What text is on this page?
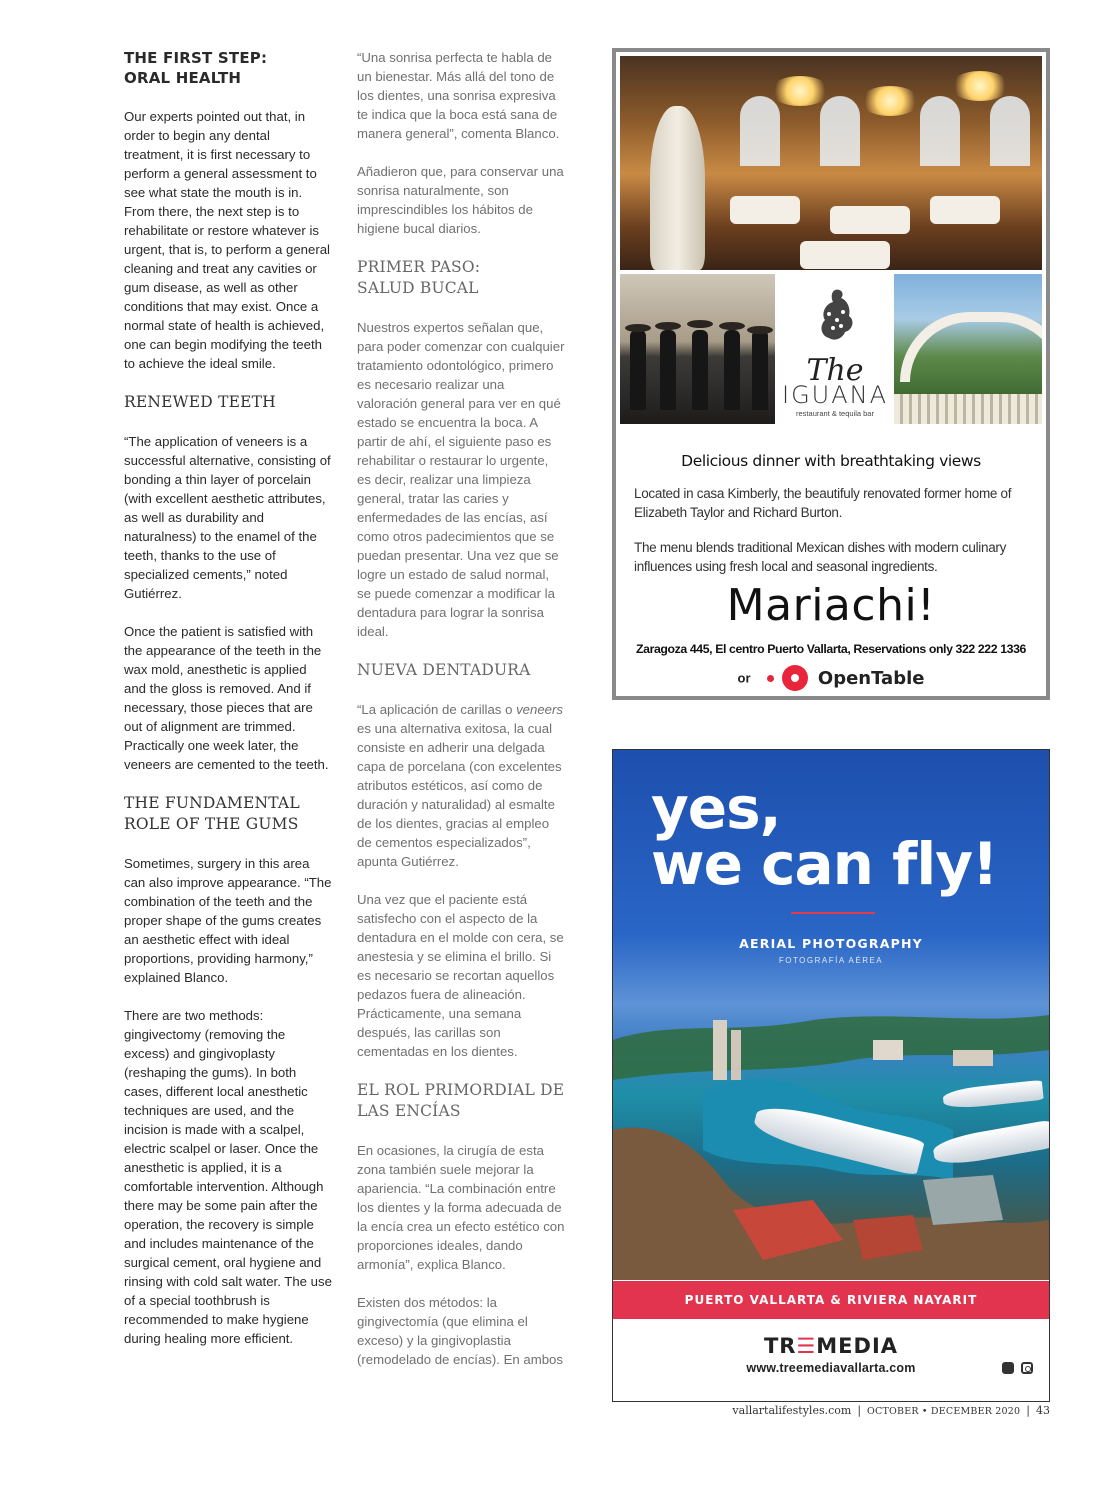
THE FIRST STEP:
ORAL HEALTH

Our experts pointed out that, in order to begin any dental treatment, it is first necessary to perform a general assessment to see what state the mouth is in. From there, the next step is to rehabilitate or restore whatever is urgent, that is, to perform a general cleaning and treat any cavities or gum disease, as well as other conditions that may exist. Once a normal state of health is achieved, one can begin modifying the teeth to achieve the ideal smile.

RENEWED TEETH

“The application of veneers is a successful alternative, consisting of bonding a thin layer of porcelain (with excellent aesthetic attributes, as well as durability and naturalness) to the enamel of the teeth, thanks to the use of specialized cements,” noted Gutiérrez.

Once the patient is satisfied with the appearance of the teeth in the wax mold, anesthetic is applied and the gloss is removed. And if necessary, those pieces that are out of alignment are trimmed. Practically one week later, the veneers are cemented to the teeth.

THE FUNDAMENTAL ROLE OF THE GUMS

Sometimes, surgery in this area can also improve appearance. “The combination of the teeth and the proper shape of the gums creates an aesthetic effect with ideal proportions, providing harmony,” explained Blanco.

There are two methods: gingivectomy (removing the excess) and gingivoplasty (reshaping the gums). In both cases, different local anesthetic techniques are used, and the incision is made with a scalpel, electric scalpel or laser. Once the anesthetic is applied, it is a comfortable intervention. Although there may be some pain after the operation, the recovery is simple and includes maintenance of the surgical cement, oral hygiene and rinsing with cold salt water. The use of a special toothbrush is recommended to make hygiene during healing more efficient.

“Una sonrisa perfecta te habla de un bienestar. Más allá del tono de los dientes, una sonrisa expresiva te indica que la boca está sana de manera general”, comenta Blanco.

Añadieron que, para conservar una sonrisa naturalmente, son imprescindibles los hábitos de higiene bucal diarios.

PRIMER PASO:
SALUD BUCAL

Nuestros expertos señalan que, para poder comenzar con cualquier tratamiento odontológico, primero es necesario realizar una valoración general para ver en qué estado se encuentra la boca. A partir de ahí, el siguiente paso es rehabilitar o restaurar lo urgente, es decir, realizar una limpieza general, tratar las caries y enfermedades de las encías, así como otros padecimientos que se puedan presentar. Una vez que se logre un estado de salud normal, se puede comenzar a modificar la dentadura para lograr la sonrisa ideal.

NUEVA DENTADURA

“La aplicación de carillas o veneers es una alternativa exitosa, la cual consiste en adherir una delgada capa de porcelana (con excelentes atributos estéticos, así como de duración y naturalidad) al esmalte de los dientes, gracias al empleo de cementos especializados”, apunta Gutiérrez.

Una vez que el paciente está satisfecho con el aspecto de la dentadura en el molde con cera, se anestesia y se elimina el brillo. Si es necesario se recortan aquellos pedazos fuera de alineación. Prácticamente, una semana después, las carillas son cementadas en los dientes.

EL ROL PRIMORDIAL DE LAS ENCÍAS

En ocasiones, la cirugía de esta zona también suele mejorar la apariencia. “La combinación entre los dientes y la forma adecuada de la encía crea un efecto estético con proporciones ideales, dando armonía”, explica Blanco.

Existen dos métodos: la gingivectomía (que elimina el exceso) y la gingivoplastia (remodelado de encías). En ambos

The
IGUANA
restaurant & tequila bar
Delicious dinner with breathtaking views
Located in casa Kimberly, the beautifuly renovated former home of Elizabeth Taylor and Richard Burton.
The menu blends traditional Mexican dishes with modern culinary influences using fresh local and seasonal ingredients.
Mariachi!
Zaragoza 445, El centro Puerto Vallarta, Reservations only 322 222 1336
or	OpenTable
yes,
we can fly!
AERIAL PHOTOGRAPHY
FOTOGRAFÍA AÉREA
PUERTO VALLARTA & RIVIERA NAYARIT
TR☰MEDIA
www.treemediavallarta.com

vallartalifestyles.com | OCTOBER • DECEMBER 2020 | 43
